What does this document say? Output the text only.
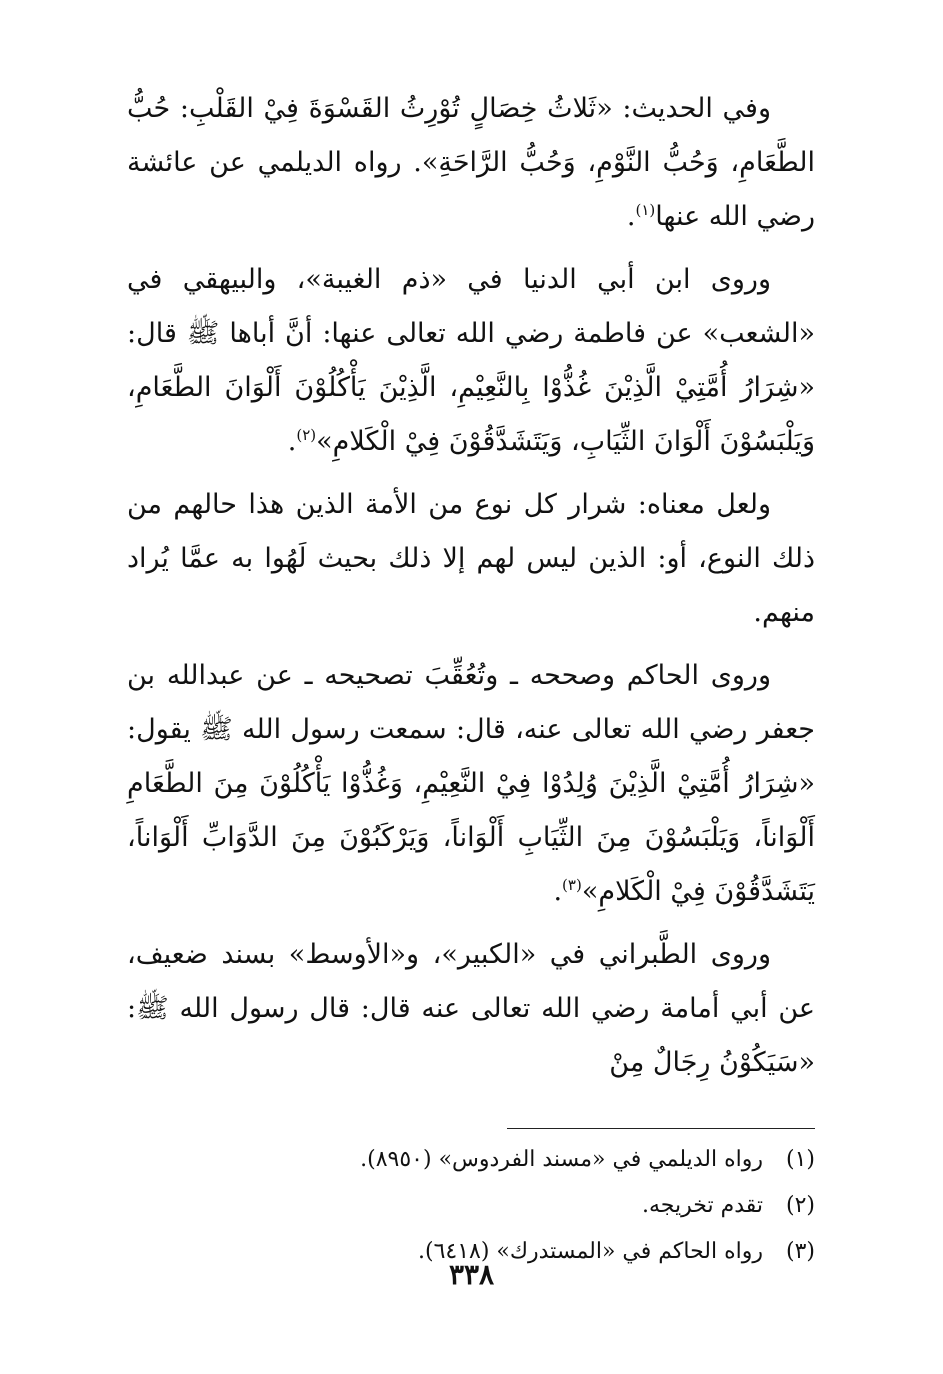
وفي الحديث: «ثَلاثُ خِصَالٍ تُوْرِثُ القَسْوَةَ فِيْ القَلْبِ: حُبُّ الطَّعَامِ، وَحُبُّ النَّوْمِ، وَحُبُّ الرَّاحَةِ». رواه الديلمي عن عائشة رضي الله عنها$^{(١)}$.

وروى ابن أبي الدنيا في «ذم الغيبة»، والبيهقي في «الشعب» عن فاطمة رضي الله تعالى عنها: أنَّ أباها ﷺ قال: «شِرَارُ أُمَّتِيْ الَّذِيْنَ غُذُّوْا بِالنَّعِيْمِ، الَّذِيْنَ يَأْكُلُوْنَ أَلْوَانَ الطَّعَامِ، وَيَلْبَسُوْنَ أَلْوَانَ الثِّيَابِ، وَيَتَشَدَّقُوْنَ فِيْ الْكَلامِ»$^{(٢)}$.

ولعل معناه: شرار كل نوع من الأمة الذين هذا حالهم من ذلك النوع، أو: الذين ليس لهم إلا ذلك بحيث لَهُوا به عمَّا يُراد منهم.

وروى الحاكم وصححه ـ وتُعُقِّبَ تصحيحه ـ عن عبدالله بن جعفر رضي الله تعالى عنه، قال: سمعت رسول الله ﷺ يقول: «شِرَارُ أُمَّتِيْ الَّذِيْنَ وُلِدُوْا فِيْ النَّعِيْمِ، وَغُذُّوْا يَأْكُلُوْنَ مِنَ الطَّعَامِ أَلْوَاناً، وَيَلْبَسُوْنَ مِنَ الثِّيَابِ أَلْوَاناً، وَيَرْكَبُوْنَ مِنَ الدَّوَابِّ أَلْوَاناً، يَتَشَدَّقُوْنَ فِيْ الْكَلامِ»$^{(٣)}$.

وروى الطَّبراني في «الكبير»، و«الأوسط» بسند ضعيف، عن أبي أمامة رضي الله تعالى عنه قال: قال رسول الله ﷺ: «سَيَكُوْنُ رِجَالٌ مِنْ

(١)
رواه الديلمي في «مسند الفردوس» (٨٩٥٠).
(٢)
تقدم تخريجه.
(٣)
رواه الحاكم في «المستدرك» (٦٤١٨).
٣٣٨
